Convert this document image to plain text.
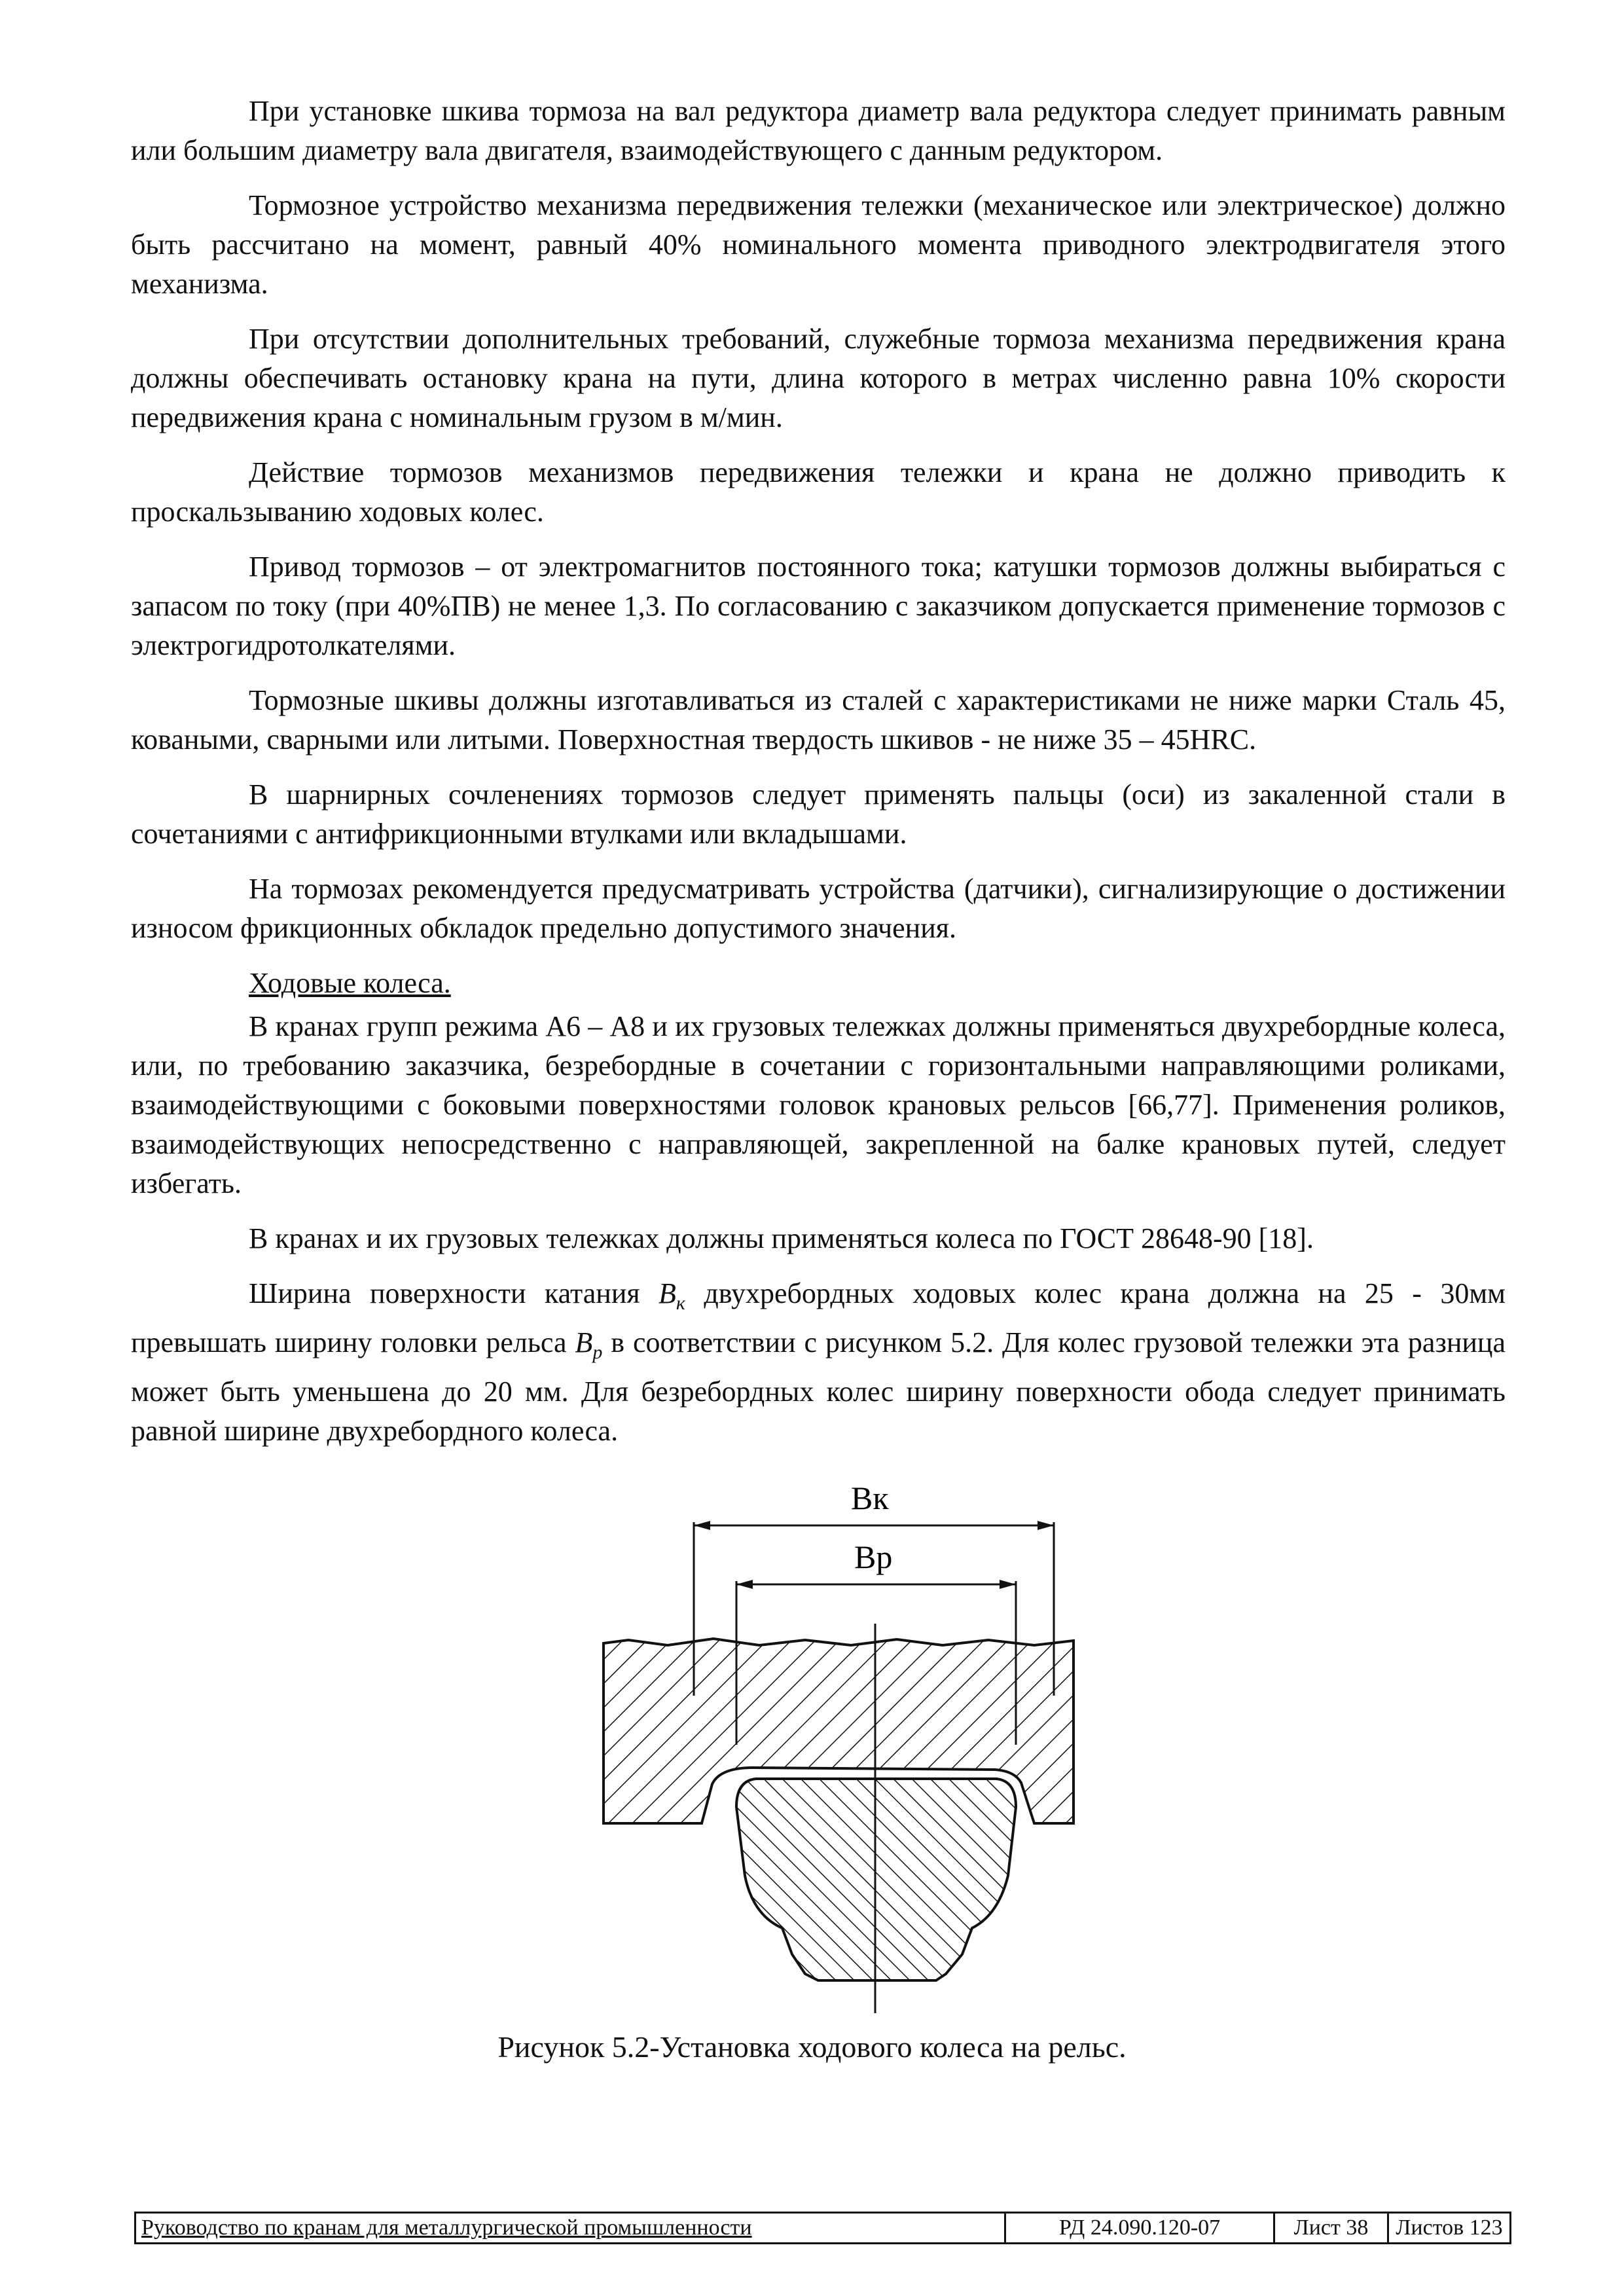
При установке шкива тормоза на вал редуктора диаметр вала редуктора следует принимать равным или большим диаметру вала двигателя, взаимодействующего с данным редуктором.

Тормозное устройство механизма передвижения тележки (механическое или электрическое) должно быть рассчитано на момент, равный 40% номинального момента приводного электродвигателя этого механизма.

При отсутствии дополнительных требований, служебные тормоза механизма передвижения крана должны обеспечивать остановку крана на пути, длина которого в метрах численно равна 10% скорости передвижения крана с номинальным грузом в м/мин.

Действие тормозов механизмов передвижения тележки и крана не должно приводить к проскальзыванию ходовых колес.

Привод тормозов – от электромагнитов постоянного тока; катушки тормозов должны выбираться с запасом по току (при 40%ПВ) не менее 1,3. По согласованию с заказчиком допускается применение тормозов с электрогидротолкателями.

Тормозные шкивы должны изготавливаться из сталей с характеристиками не ниже марки Сталь 45, коваными, сварными или литыми. Поверхностная твердость шкивов - не ниже 35 – 45HRC.

В шарнирных сочленениях тормозов следует применять пальцы (оси) из закаленной стали в сочетаниями с антифрикционными втулками или вкладышами.

На тормозах рекомендуется предусматривать устройства (датчики), сигнализирующие о достижении износом фрикционных обкладок предельно допустимого значения.

Ходовые колеса.

В кранах групп режима А6 – А8 и их грузовых тележках должны применяться двухребордные колеса, или, по требованию заказчика, безребордные в сочетании с горизонтальными направляющими роликами, взаимодействующими с боковыми поверхностями головок крановых рельсов [66,77]. Применения роликов, взаимодействующих непосредственно с направляющей, закрепленной на балке крановых путей, следует избегать.

В кранах и их грузовых тележках должны применяться колеса по ГОСТ 28648-90 [18].

Ширина поверхности катания $B_к$ двухребордных ходовых колес крана должна на 25 - 30мм превышать ширину головки рельса $B_р$ в соответствии с рисунком 5.2. Для колес грузовой тележки эта разница может быть уменьшена до 20 мм. Для безребордных колес ширину поверхности обода следует принимать равной ширине двухребордного колеса.

Bк
Bр
Рисунок 5.2-Установка ходового колеса на рельс.
Руководство по кранам для металлургической промышленности	РД 24.090.120-07	Лист 38	Листов 123
